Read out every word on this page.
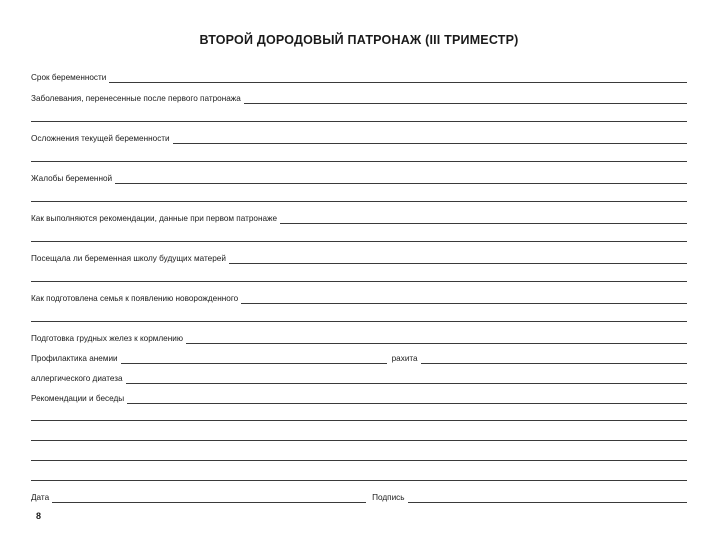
ВТОРОЙ ДОРОДОВЫЙ ПАТРОНАЖ (III ТРИМЕСТР)
Срок беременности
Заболевания, перенесенные после первого патронажа
Осложнения текущей беременности
Жалобы беременной
Как выполняются рекомендации, данные при первом патронаже
Посещала ли беременная школу будущих матерей
Как подготовлена семья к появлению новорожденного
Подготовка грудных желез к кормлению
Профилактика анемии	рахита
аллергического диатеза
Рекомендации и беседы
Дата	Подпись
8
